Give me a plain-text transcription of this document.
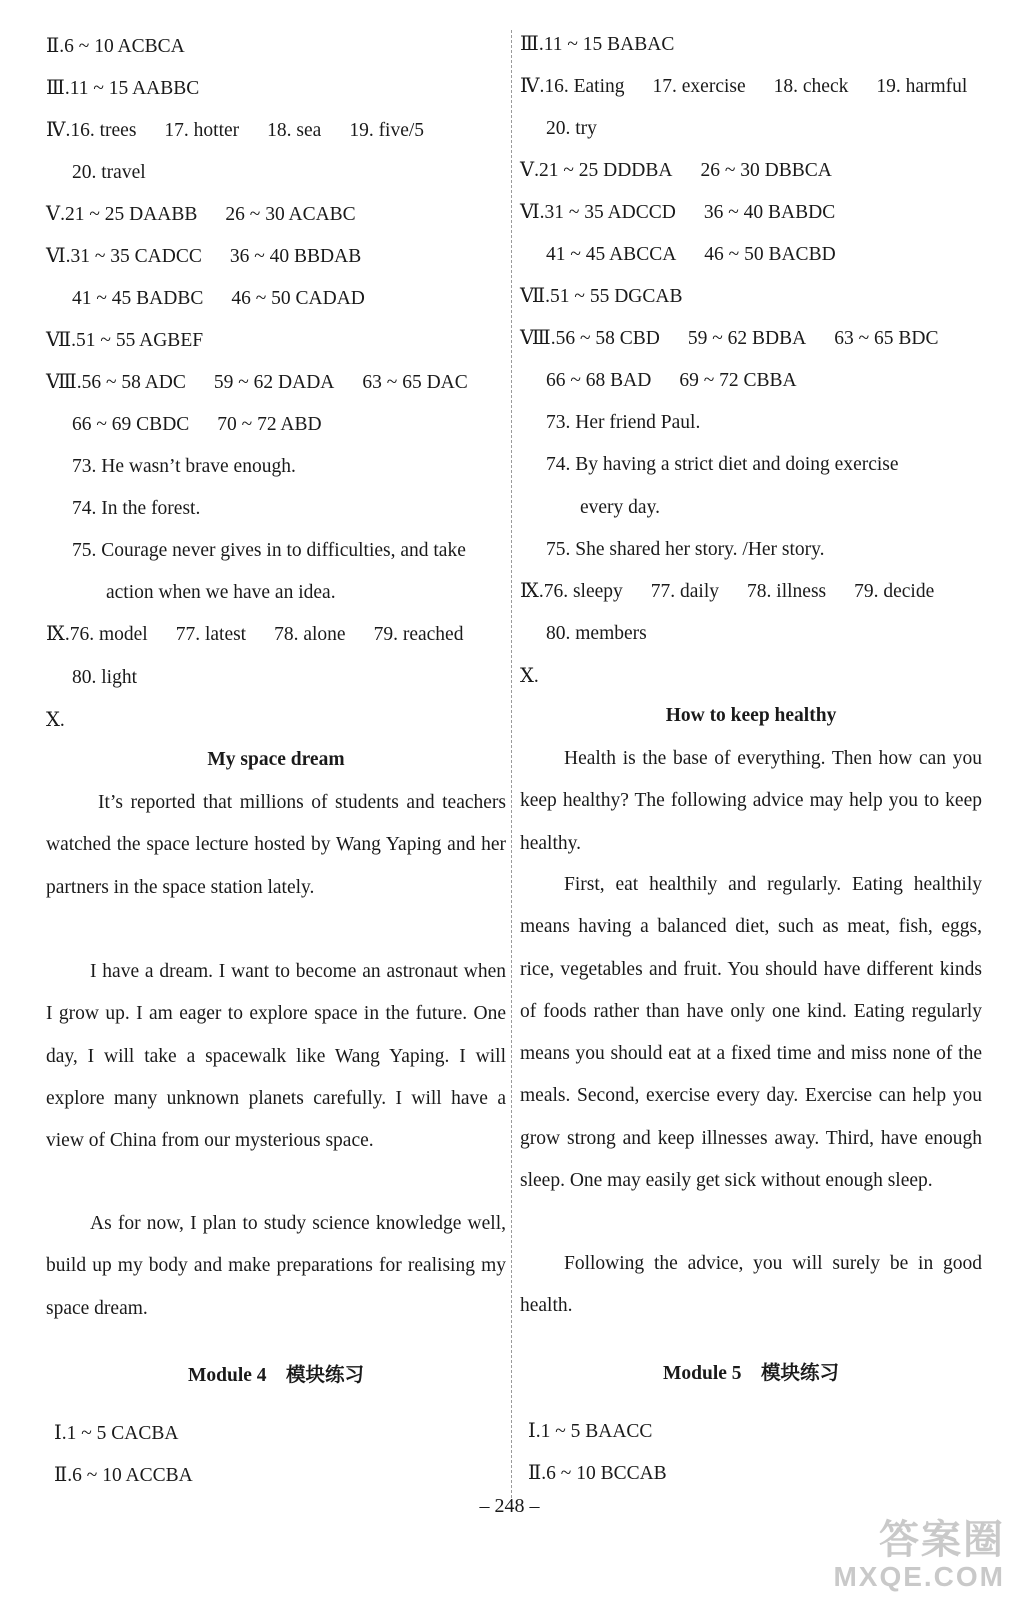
Ⅱ.6 ~ 10 ACBCA
Ⅲ.11 ~ 15 AABBC
Ⅳ.16. trees 17. hotter 18. sea 19. five/5
20. travel
Ⅴ.21 ~ 25 DAABB 26 ~ 30 ACABC
Ⅵ.31 ~ 35 CADCC 36 ~ 40 BBDAB
41 ~ 45 BADBC 46 ~ 50 CADAD
Ⅶ.51 ~ 55 AGBEF
Ⅷ.56 ~ 58 ADC 59 ~ 62 DADA 63 ~ 65 DAC
66 ~ 69 CBDC 70 ~ 72 ABD
73. He wasn’t brave enough.
74. In the forest.
75. Courage never gives in to difficulties, and take
action when we have an idea.
Ⅸ.76. model 77. latest 78. alone 79. reached
80. light
Ⅹ.
My space dream
It’s reported that millions of students and teachers watched the space lecture hosted by Wang Yaping and her partners in the space station lately.
I have a dream. I want to become an astronaut when I grow up. I am eager to explore space in the future. One day, I will take a spacewalk like Wang Yaping. I will explore many unknown planets carefully. I will have a view of China from our mysterious space.
As for now, I plan to study science knowledge well, build up my body and make preparations for realising my space dream.
Module 4　模块练习
Ⅰ.1 ~ 5 CACBA
Ⅱ.6 ~ 10 ACCBA
Ⅲ.11 ~ 15 BABAC
Ⅳ.16. Eating 17. exercise 18. check 19. harmful
20. try
Ⅴ.21 ~ 25 DDDBA 26 ~ 30 DBBCA
Ⅵ.31 ~ 35 ADCCD 36 ~ 40 BABDC
41 ~ 45 ABCCA 46 ~ 50 BACBD
Ⅶ.51 ~ 55 DGCAB
Ⅷ.56 ~ 58 CBD 59 ~ 62 BDBA 63 ~ 65 BDC
66 ~ 68 BAD 69 ~ 72 CBBA
73. Her friend Paul.
74. By having a strict diet and doing exercise
every day.
75. She shared her story. /Her story.
Ⅸ.76. sleepy 77. daily 78. illness 79. decide
80. members
Ⅹ.
How to keep healthy
Health is the base of everything. Then how can you keep healthy? The following advice may help you to keep healthy.
First, eat healthily and regularly. Eating healthily means having a balanced diet, such as meat, fish, eggs, rice, vegetables and fruit. You should have different kinds of foods rather than have only one kind. Eating regularly means you should eat at a fixed time and miss none of the meals. Second, exercise every day. Exercise can help you grow strong and keep illnesses away. Third, have enough sleep. One may easily get sick without enough sleep.
Following the advice, you will surely be in good health.
Module 5　模块练习
Ⅰ.1 ~ 5 BAACC
Ⅱ.6 ~ 10 BCCAB
– 248 –
答案圈
MXQE.COM
